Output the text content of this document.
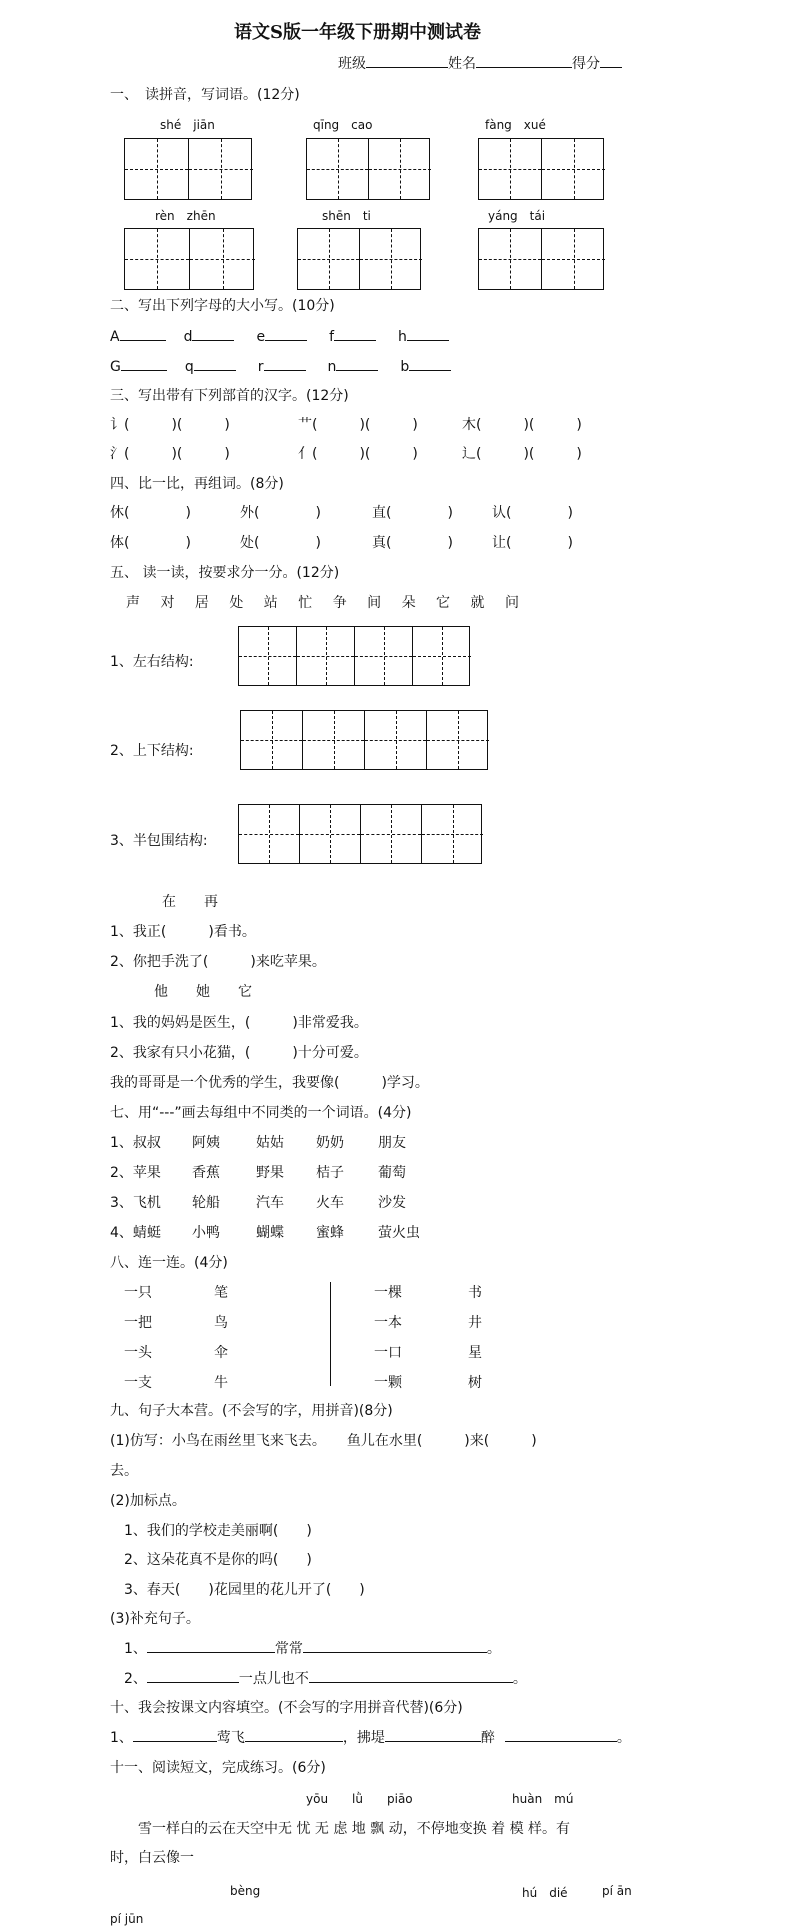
语文S版一年级下册期中测试卷
班级	姓名	得分
一、　读拼音，写词语。(12分)
shé　jiān	qīng　cao	fàng　xué
rèn　zhēn	shēn　ti	yáng　tái
二、写出下列字母的大小写。(10分)
A	d	e	f	h
G	q	r	n	b
三、写出带有下列部首的汉字。(12分)
讠(　　　)(　　　)	艹(　　　)(　　　)	木(　　　)(　　　)
氵(　　　)(　　　)	亻(　　　)(　　　)	辶(　　　)(　　　)
四、比一比，再组词。(8分)
休(　　　　)	外(　　　　)	直(　　　　)	认(　　　　)
体(　　　　)	处(　　　　)	真(　　　　)	让(　　　　)
五、 读一读，按要求分一分。(12分)
声 对 居 处 站 忙 争 间 朵 它 就 问
1、左右结构:
2、上下结构:
3、半包围结构:
在　　再
1、我正(　　　)看书。
2、你把手洗了(　　　)来吃苹果。
他　　她　　它
1、我的妈妈是医生，(　　　)非常爱我。
2、我家有只小花猫，(　　　)十分可爱。
我的哥哥是一个优秀的学生，我要像(　　　)学习。
七、用“---”画去每组中不同类的一个词语。(4分)
1、叔叔 阿姨	姑姑 奶奶 朋友
2、苹果 香蕉	野果 桔子 葡萄
3、飞机 轮船	汽车 火车 沙发
4、蜻蜓 小鸭	蝴蝶 蜜蜂 萤火虫
八、连一连。(4分)
一只	笔
一把	鸟
一头	伞
一支	牛
一棵	书
一本	井
一口	星
一颗	树
九、句子大本营。(不会写的字，用拼音)(8分)
(1)仿写：小鸟在雨丝里飞来飞去。　　鱼儿在水里(　　　)来(　　　)
去。
(2)加标点。
1、我们的学校走美丽啊(　　)
2、这朵花真不是你的吗(　　)
3、春天(　　)花园里的花儿开了(　　)
(3)补充句子。
1、	常常	。
2、	一点儿也不	。
十、我会按课文内容填空。(不会写的字用拼音代替)(6分)
1、	莺飞	，拂堤	醉	。
十一、阅读短文，完成练习。(6分)
yōu　　lǜ　　piāo	huàn　mú
雪一样白的云在天空中无 忧 无 虑 地 飘 动，不停地变换 着 模 样。有
时，白云像一
bèng	hú　dié	pí ān
pí jūn
